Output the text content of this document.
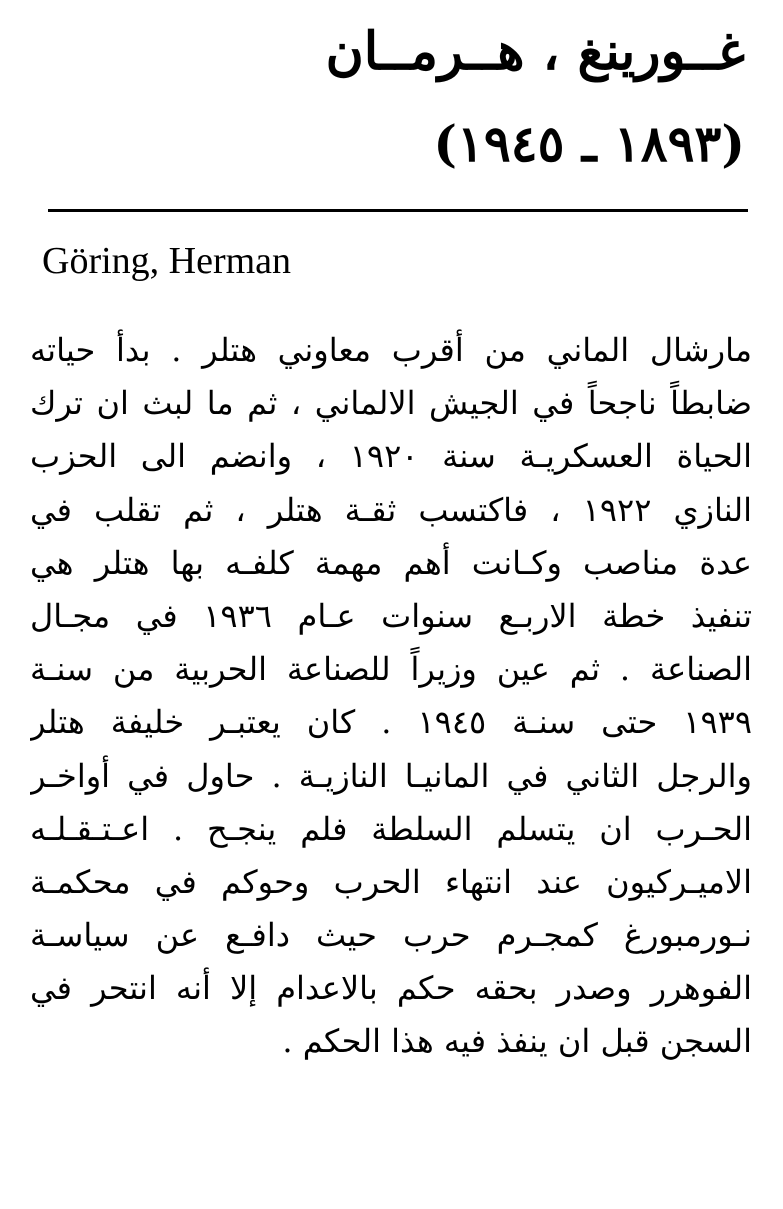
غــورينغ ، هــرمــان
(١٨٩٣ ـ ١٩٤٥)
Göring, Herman
مارشال الماني من أقرب معاوني هتلر . بدأ حياته
ضابطاً ناجحاً في الجيش الالماني ، ثم ما لبث ان ترك
الحياة العسكريـة سنة ١٩٢٠ ، وانضم الى الحزب
النازي ١٩٢٢ ، فاكتسب ثقـة هتلر ، ثم تقلب في
عدة مناصب وكـانت أهم مهمة كلفـه بها هتلر هي
تنفيذ خطة الاربـع سنوات عـام ١٩٣٦ في مجـال
الصناعة . ثم عين وزيراً للصناعة الحربية من سنـة
١٩٣٩ حتى سنـة ١٩٤٥ . كان يعتبـر خليفة هتلر
والرجل الثاني في المانيـا النازيـة . حاول في أواخـر
الحـرب ان يتسلم السلطة فلم ينجـح . اعـتـقـلـه
الاميـركيون عند انتهاء الحرب وحوكم في محكمـة
نـورمبورغ كمجـرم حرب حيث دافـع عن سياسـة
الفوهرر وصدر بحقه حكم بالاعدام إلا أنه انتحر في
السجن قبل ان ينفذ فيه هذا الحكم .
